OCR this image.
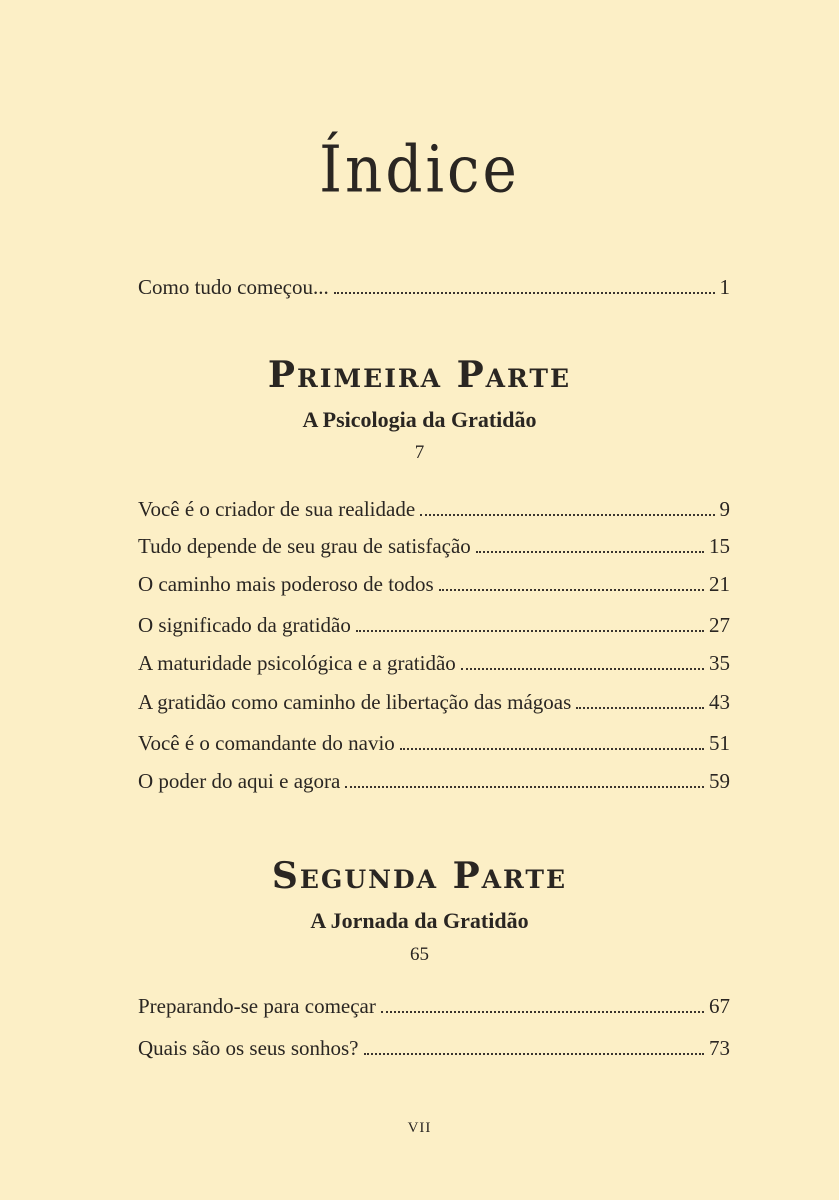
Índice
Como tudo começou...	1
Primeira Parte
A Psicologia da Gratidão
7
Você é o criador de sua realidade	9
Tudo depende de seu grau de satisfação	15
O caminho mais poderoso de todos	21
O significado da gratidão	27
A maturidade psicológica e a gratidão	35
A gratidão como caminho de libertação das mágoas	43
Você é o comandante do navio	51
O poder do aqui e agora	59
Segunda Parte
A Jornada da Gratidão
65
Preparando-se para começar	67
Quais são os seus sonhos?	73
VII
